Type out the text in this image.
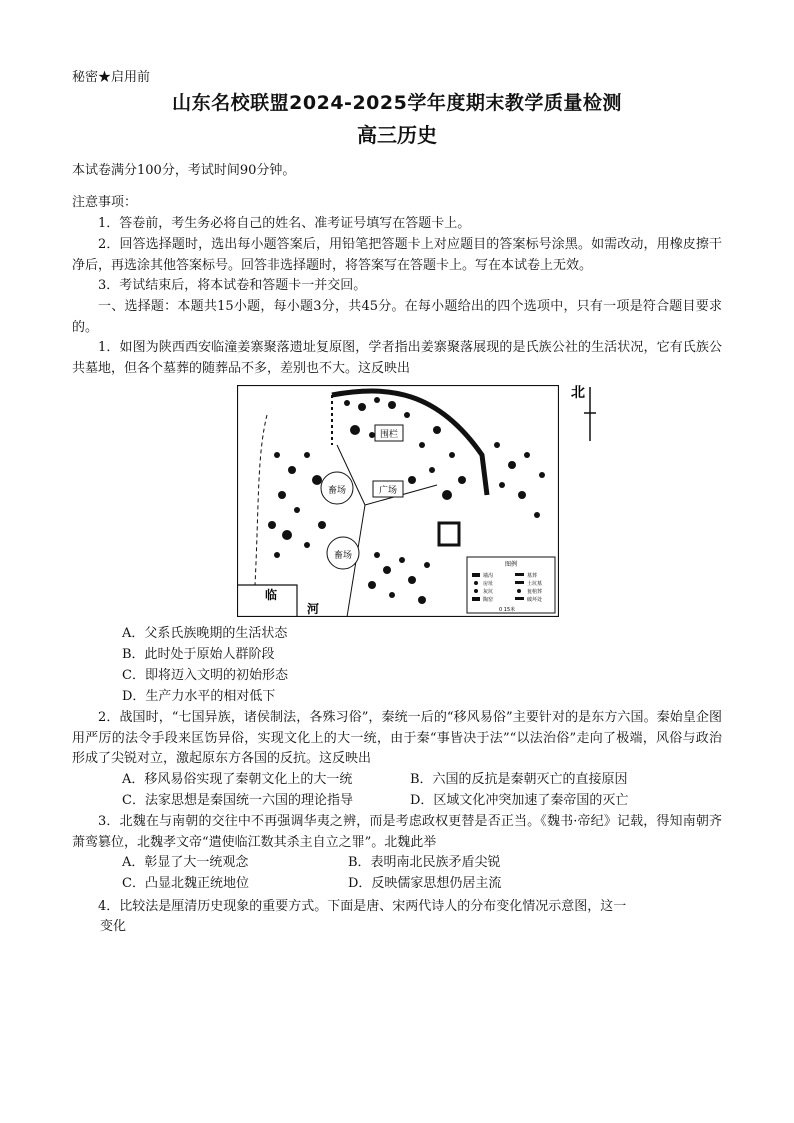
秘密★启用前
山东名校联盟2024-2025学年度期末教学质量检测
高三历史
本试卷满分100分，考试时间90分钟。
注意事项：
1．答卷前，考生务必将自己的姓名、准考证号填写在答题卡上。
2．回答选择题时，选出每小题答案后，用铅笔把答题卡上对应题目的答案标号涂黑。如需改动，用橡皮擦干净后，再选涂其他答案标号。回答非选择题时，将答案写在答题卡上。写在本试卷上无效。
3．考试结束后，将本试卷和答题卡一并交回。
一、选择题：本题共15小题，每小题3分，共45分。在每小题给出的四个选项中，只有一项是符合题目要求的。
1．如图为陕西西安临潼姜寨聚落遗址复原图，学者指出姜寨聚落展现的是氏族公社的生活状况，它有氏族公共墓地，但各个墓葬的随葬品不多，差别也不大。这反映出
围栏
广场
畜场
畜场
临
河
图例
墙沟
房址
灰坑
陶窑
墓葬
土坑墓
瓮棺葬
破坏处
0 15米
北
A．父系氏族晚期的生活状态
B．此时处于原始人群阶段
C．即将迈入文明的初始形态
D．生产力水平的相对低下
2．战国时，“七国异族，诸侯制法，各殊习俗”，秦统一后的“移风易俗”主要针对的是东方六国。秦始皇企图用严厉的法令手段来匡饬异俗，实现文化上的大一统，由于秦“事皆决于法”“以法治俗”走向了极端，风俗与政治形成了尖锐对立，激起原东方各国的反抗。这反映出
A．移风易俗实现了秦朝文化上的大一统	B．六国的反抗是秦朝灭亡的直接原因
C．法家思想是秦国统一六国的理论指导	D．区域文化冲突加速了秦帝国的灭亡
3．北魏在与南朝的交往中不再强调华夷之辨，而是考虑政权更替是否正当。《魏书·帝纪》记载，得知南朝齐萧鸾篡位，北魏孝文帝“遣使临江数其杀主自立之罪”。北魏此举
A．彰显了大一统观念	B．表明南北民族矛盾尖锐
C．凸显北魏正统地位	D．反映儒家思想仍居主流
4．比较法是厘清历史现象的重要方式。下面是唐、宋两代诗人的分布变化情况示意图，这一
变化
